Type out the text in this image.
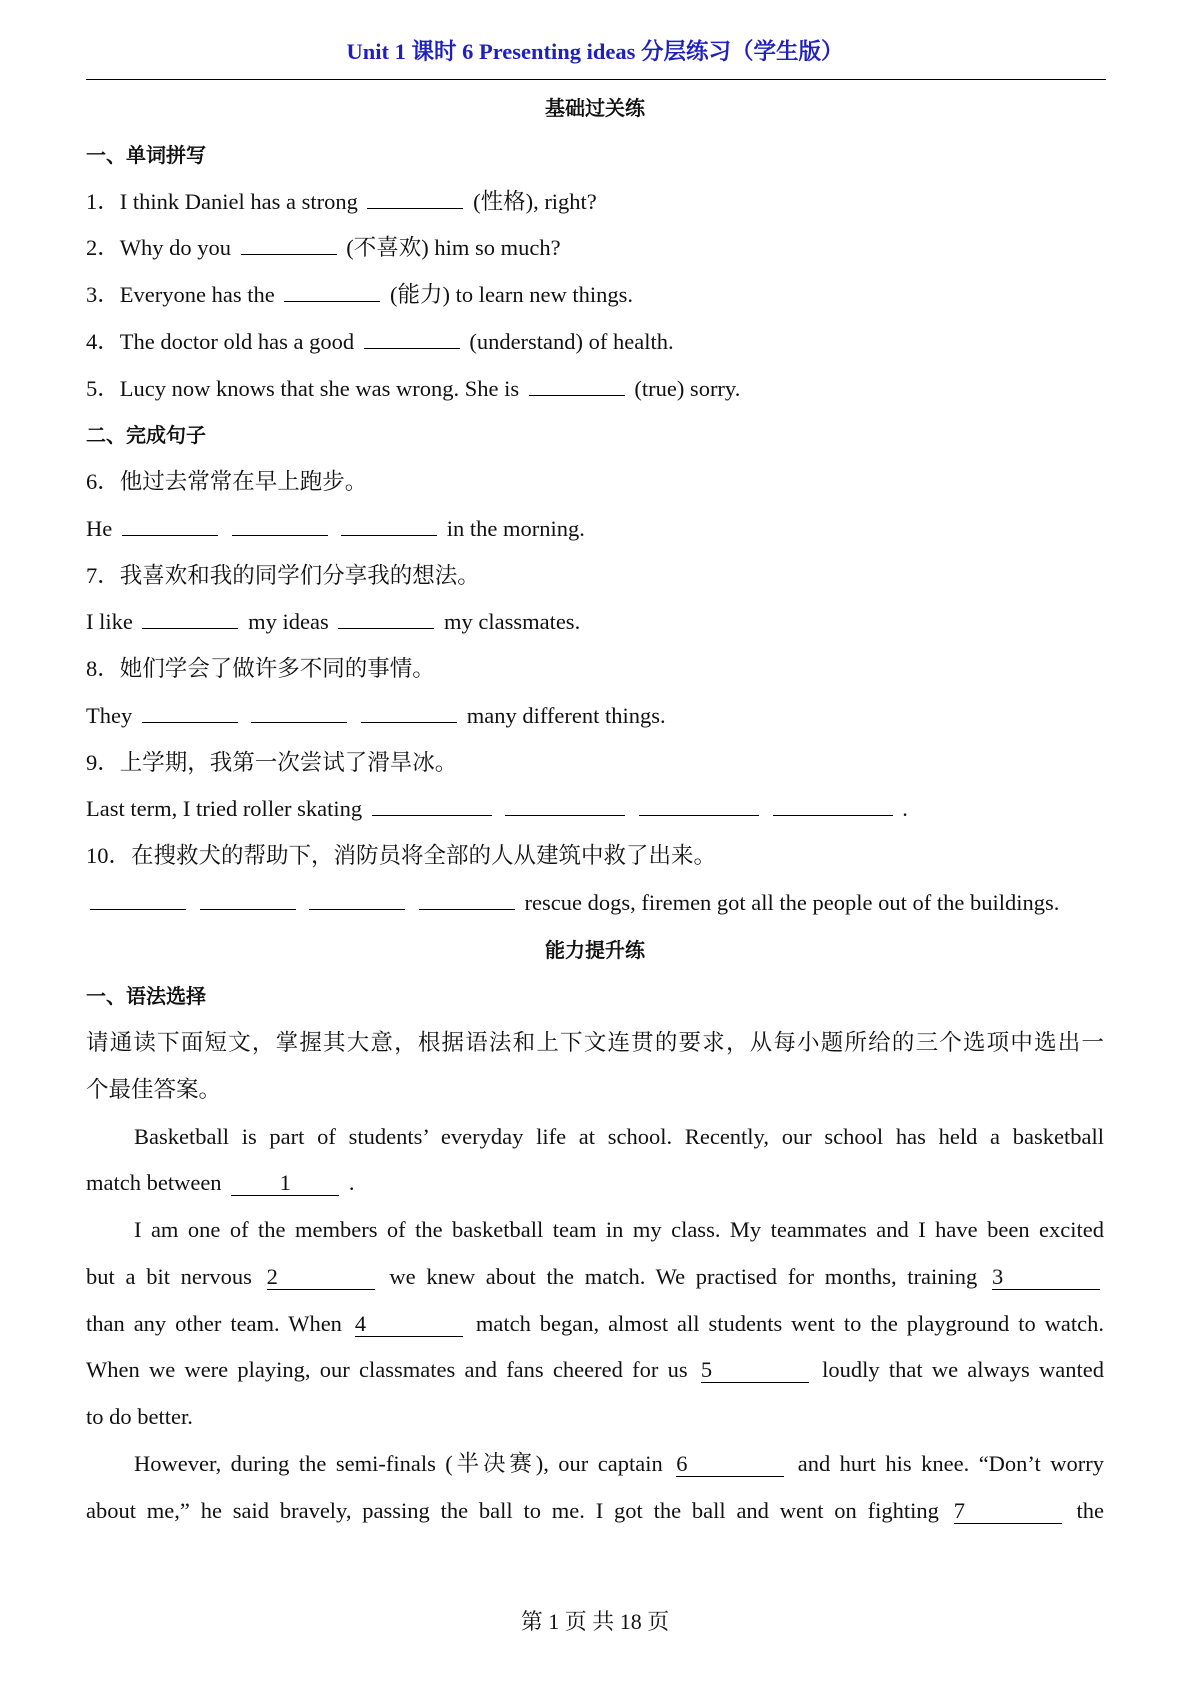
Unit 1 课时 6 Presenting ideas 分层练习（学生版）
基础过关练
一、单词拼写
1．I think Daniel has a strong	(性格), right?
2．Why do you	(不喜欢) him so much?
3．Everyone has the	(能力) to learn new things.
4．The doctor old has a good	(understand) of health.
5．Lucy now knows that she was wrong. She is	(true) sorry.
二、完成句子
6．他过去常常在早上跑步。
He	in the morning.
7．我喜欢和我的同学们分享我的想法。
I like	my ideas	my classmates.
8．她们学会了做许多不同的事情。
They	many different things.
9．上学期，我第一次尝试了滑旱冰。
Last term, I tried roller skating	.
10．在搜救犬的帮助下，消防员将全部的人从建筑中救了出来。
rescue dogs, firemen got all the people out of the buildings.
能力提升练
一、语法选择
请通读下面短文，掌握其大意，根据语法和上下文连贯的要求，从每小题所给的三个选项中选出一
个最佳答案。
Basketball is part of students’ everyday life at school. Recently, our school has held a basketball
match between 1	.
I am one of the members of the basketball team in my class. My teammates and I have been excited
but a bit nervous 2	we knew about the match. We practised for months, training 3
than any other team. When 4	match began, almost all students went to the playground to watch.
When we were playing, our classmates and fans cheered for us 5	loudly that we always wanted
to do better.
However, during the semi-finals (半决赛), our captain 6	and hurt his knee. “Don’t worry
about me,” he said bravely, passing the ball to me. I got the ball and went on fighting 7	the
第 1 页 共 18 页
